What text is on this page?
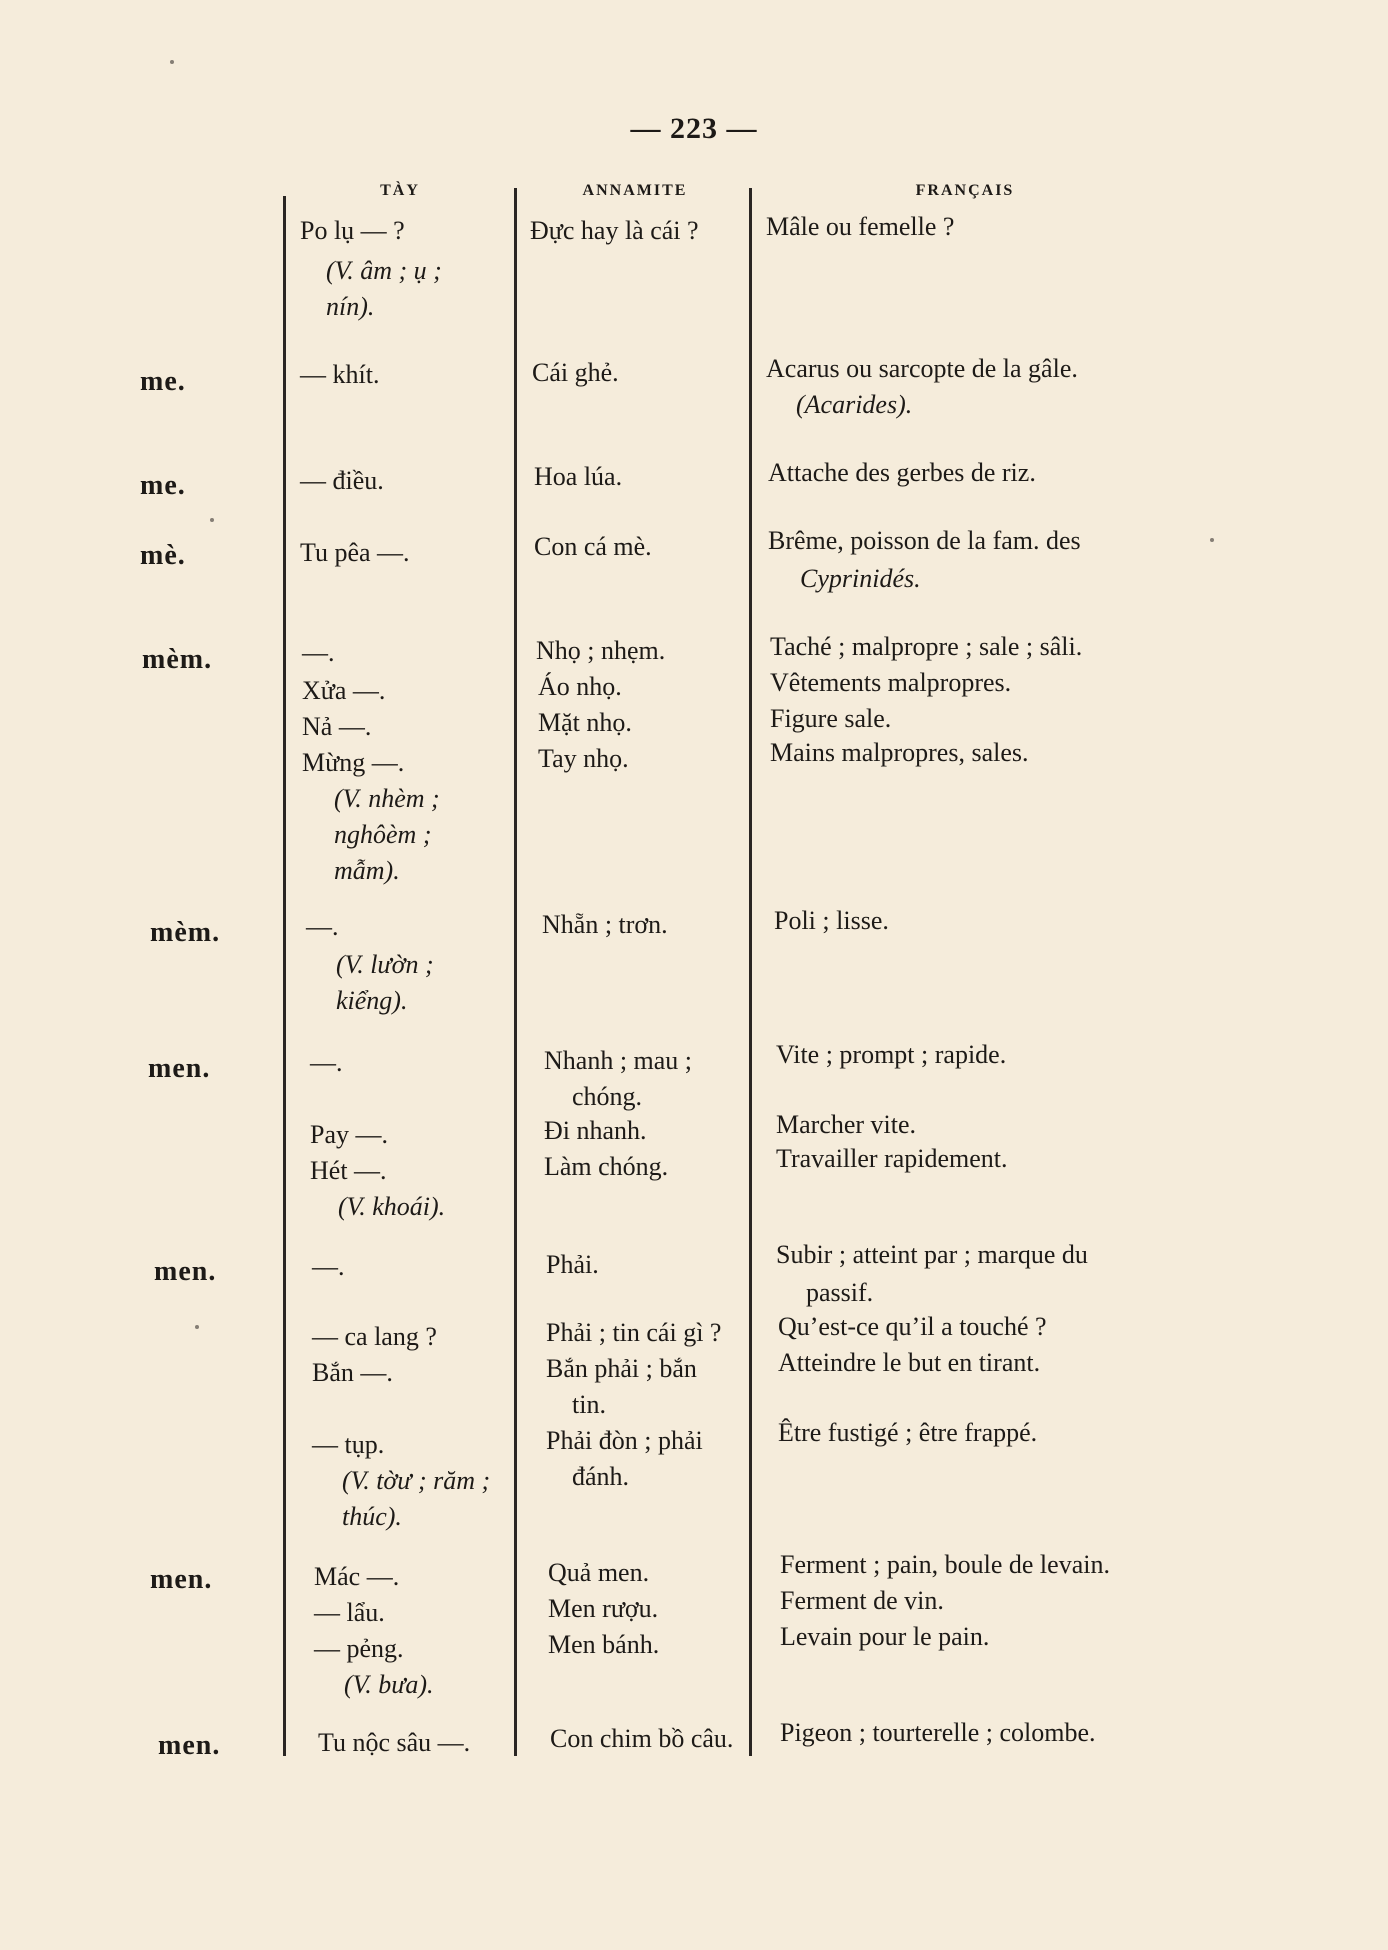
— 223 —
TÀY	ANNAMITE	FRANÇAIS
me.
me.
mè.
mèm.
mèm.
men.
men.
men.
men.
Po lụ — ?
(V. âm ; ụ ;
nín).
— khít.
— điều.
Tu pêa —.
—.
Xửa —.
Nả —.
Mừng —.
(V. nhèm ;
nghôèm ;
mẫm).
—.
(V. lườn ;
kiểng).
—.
Pay —.
Hét —.
(V. khoái).
—.
— ca lang ?
Bắn —.
— tụp.
(V. tờư ; răm ;
thúc).
Mác —.
— lẩu.
— pẻng.
(V. bưa).
Tu nộc sâu —.
Đực hay là cái ?
Cái ghẻ.
Hoa lúa.
Con cá mè.
Nhọ ; nhẹm.
Áo nhọ.
Mặt nhọ.
Tay nhọ.
Nhẵn ; trơn.
Nhanh ; mau ;
chóng.
Đi nhanh.
Làm chóng.
Phải.
Phải ; tin cái gì ?
Bắn phải ; bắn
tin.
Phải đòn ; phải
đánh.
Quả men.
Men rượu.
Men bánh.
Con chim bồ câu.
Mâle ou femelle ?
Acarus ou sarcopte de la gâle.
(Acarides).
Attache des gerbes de riz.
Brême, poisson de la fam. des
Cyprinidés.
Taché ; malpropre ; sale ; sâli.
Vêtements malpropres.
Figure sale.
Mains malpropres, sales.
Poli ; lisse.
Vite ; prompt ; rapide.
Marcher vite.
Travailler rapidement.
Subir ; atteint par ; marque du
passif.
Qu’est-ce qu’il a touché ?
Atteindre le but en tirant.
Être fustigé ; être frappé.
Ferment ; pain, boule de levain.
Ferment de vin.
Levain pour le pain.
Pigeon ; tourterelle ; colombe.
